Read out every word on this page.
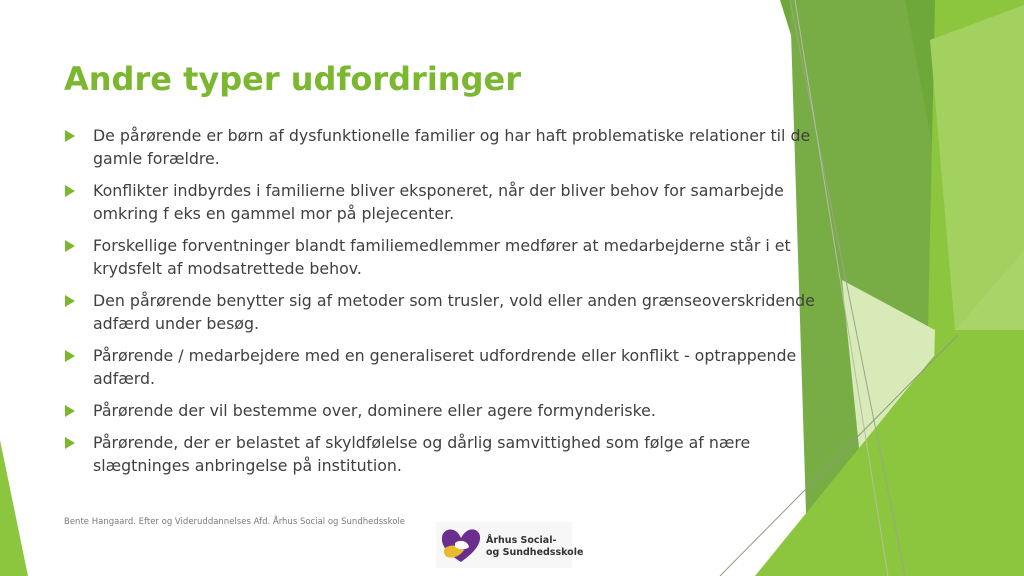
Andre typer udfordringer
De pårørende er børn af dysfunktionelle familier og har haft problematiske relationer til de gamle forældre.
Konflikter indbyrdes i familierne bliver eksponeret, når der bliver behov for samarbejde omkring f eks en gammel mor på plejecenter.
Forskellige forventninger blandt familiemedlemmer medfører at medarbejderne står i et krydsfelt af modsatrettede behov.
Den pårørende benytter sig af metoder som trusler, vold eller anden grænseoverskridende adfærd under besøg.
Pårørende / medarbejdere med en generaliseret udfordrende eller konflikt - optrappende adfærd.
Pårørende der vil bestemme over, dominere eller agere formynderiske.
Pårørende, der er belastet af skyldfølelse og dårlig samvittighed som følge af nære slægtninges anbringelse på institution.
Bente Hangaard. Efter og Videruddannelses Afd. Århus Social og Sundhedsskole
Århus Social-
og Sundhedsskole
